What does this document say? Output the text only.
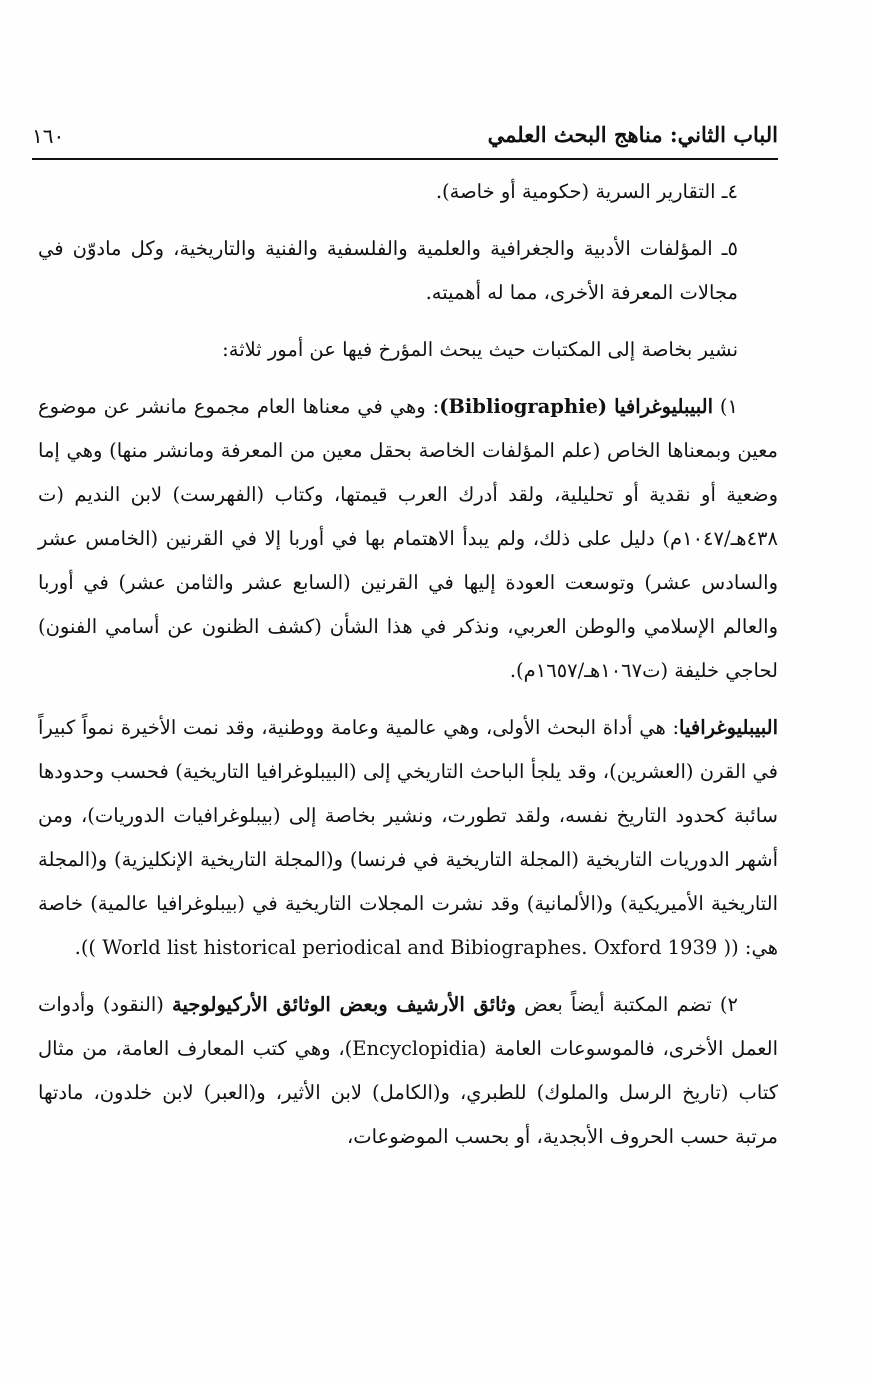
الباب الثاني: مناهج البحث العلمي
١٦٠

٤ـ التقارير السرية (حكومية أو خاصة).

٥ـ المؤلفات الأدبية والجغرافية والعلمية والفلسفية والفنية والتاريخية، وكل مادوّن في مجالات المعرفة الأخرى، مما له أهميته.

نشير بخاصة إلى المكتبات حيث يبحث المؤرخ فيها عن أمور ثلاثة:

١) البيبليوغرافيا (Bibliographie): وهي في معناها العام مجموع مانشر عن موضوع معين وبمعناها الخاص (علم المؤلفات الخاصة بحقل معين من المعرفة ومانشر منها) وهي إما وضعية أو نقدية أو تحليلية، ولقد أدرك العرب قيمتها، وكتاب (الفهرست) لابن النديم (ت ٤٣٨هـ/١٠٤٧م) دليل على ذلك، ولم يبدأ الاهتمام بها في أوربا إلا في القرنين (الخامس عشر والسادس عشر) وتوسعت العودة إليها في القرنين (السابع عشر والثامن عشر) في أوربا والعالم الإسلامي والوطن العربي، ونذكر في هذا الشأن (كشف الظنون عن أسامي الفنون) لحاجي خليفة (ت١٠٦٧هـ/١٦٥٧م).

البيبليوغرافيا: هي أداة البحث الأولى، وهي عالمية وعامة ووطنية، وقد نمت الأخيرة نمواً كبيراً في القرن (العشرين)، وقد يلجأ الباحث التاريخي إلى (البيبلوغرافيا التاريخية) فحسب وحدودها سائبة كحدود التاريخ نفسه، ولقد تطورت، ونشير بخاصة إلى (بيبلوغرافيات الدوريات)، ومن أشهر الدوريات التاريخية (المجلة التاريخية في فرنسا) و(المجلة التاريخية الإنكليزية) و(المجلة التاريخية الأميريكية) و(الألمانية) وقد نشرت المجلات التاريخية في (بيبلوغرافيا عالمية) خاصة هي: (( World list historical periodical and Bibiographes. Oxford 1939 )).

٢) تضم المكتبة أيضاً بعض وثائق الأرشيف وبعض الوثائق الأركيولوجية (النقود) وأدوات العمل الأخرى، فالموسوعات العامة (Encyclopidia)، وهي كتب المعارف العامة، من مثال كتاب (تاريخ الرسل والملوك) للطبري، و(الكامل) لابن الأثير، و(العبر) لابن خلدون، مادتها مرتبة حسب الحروف الأبجدية، أو بحسب الموضوعات،
